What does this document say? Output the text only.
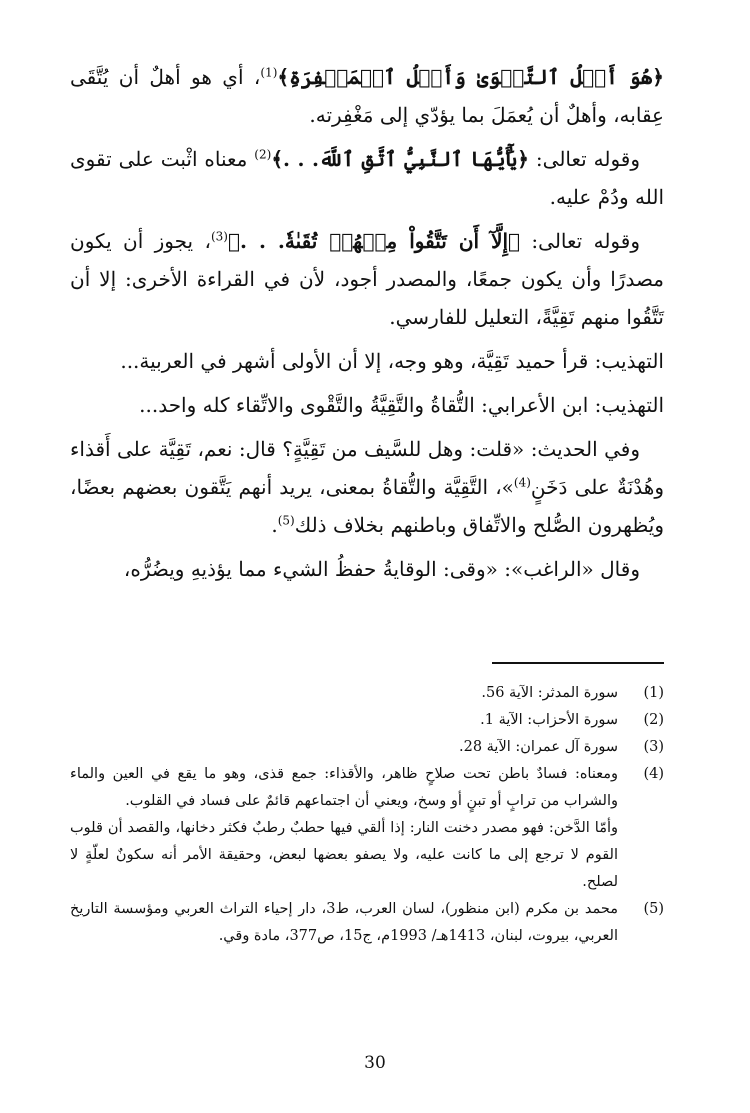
﴿هُوَ أَهۡلُ ٱلتَّقۡوَىٰ وَأَهۡلُ ٱلۡمَغۡفِرَةِ﴾$^{(1)}$، أي هو أهلٌ أن يُتَّقَى عِقابه، وأهلٌ أن يُعمَلَ بما يؤدّي إلى مَغْفِرته.

وقوله تعالى: ﴿يَٰٓأَيُّهَا ٱلنَّبِيُّ ٱتَّقِ ٱللَّهَ. . .﴾$^{(2)}$ معناه اثْبت على تقوى الله ودُمْ عليه.

وقوله تعالى: ﴿إِلَّآ أَن تَتَّقُواْ مِنۡهُمۡ تُقَىٰةٗ. . .﴾$^{(3)}$، يجوز أن يكون مصدرًا وأن يكون جمعًا، والمصدر أجود، لأن في القراءة الأخرى: إلا أن تَتَّقُوا منهم تَقِيَّةً، التعليل للفارسي.

التهذيب: قرأ حميد تَقِيَّة، وهو وجه، إلا أن الأولى أشهر في العربية...

التهذيب: ابن الأعرابي: التُّقاةُ والتَّقِيَّةُ والتَّقْوى والاتِّقاء كله واحد...

وفي الحديث: «قلت: وهل للسَّيف من تَقِيَّةٍ؟ قال: نعم، تَقِيَّة على أَقذاء وهُدْنَةٌ على دَخَنٍ$^{(4)}$»، التَّقِيَّة والتُّقاةُ بمعنى، يريد أنهم يَتَّقون بعضهم بعضًا، ويُظهرون الصُّلح والاتِّفاق وباطنهم بخلاف ذلك$^{(5)}$.

وقال «الراغب»: «وقى: الوقايةُ حفظُ الشيء مما يؤذيهِ ويضُرُّه،

(1)
سورة المدثر: الآية 56.
(2)
سورة الأحزاب: الآية 1.
(3)
سورة آل عمران: الآية 28.
(4)
ومعناه: فسادٌ باطن تحت صلاحٍ ظاهر، والأقذاء: جمع قذى، وهو ما يقع في العين والماء والشراب من ترابٍ أو تبنٍ أو وسخ، ويعني أن اجتماعهم قائمٌ على فساد في القلوب.
وأمّا الدَّخن: فهو مصدر دخنت النار: إذا ألقي فيها حطبٌ رطبٌ فكثر دخانها، والقصد أن قلوب القوم لا ترجع إلى ما كانت عليه، ولا يصفو بعضها لبعض، وحقيقة الأمر أنه سكونٌ لعلّةٍ لا لصلح.
(5)
محمد بن مكرم (ابن منظور)، لسان العرب، ط3، دار إحياء التراث العربي ومؤسسة التاريخ العربي، بيروت، لبنان، 1413هـ/ 1993م، ج15، ص377، مادة وقي.
30
